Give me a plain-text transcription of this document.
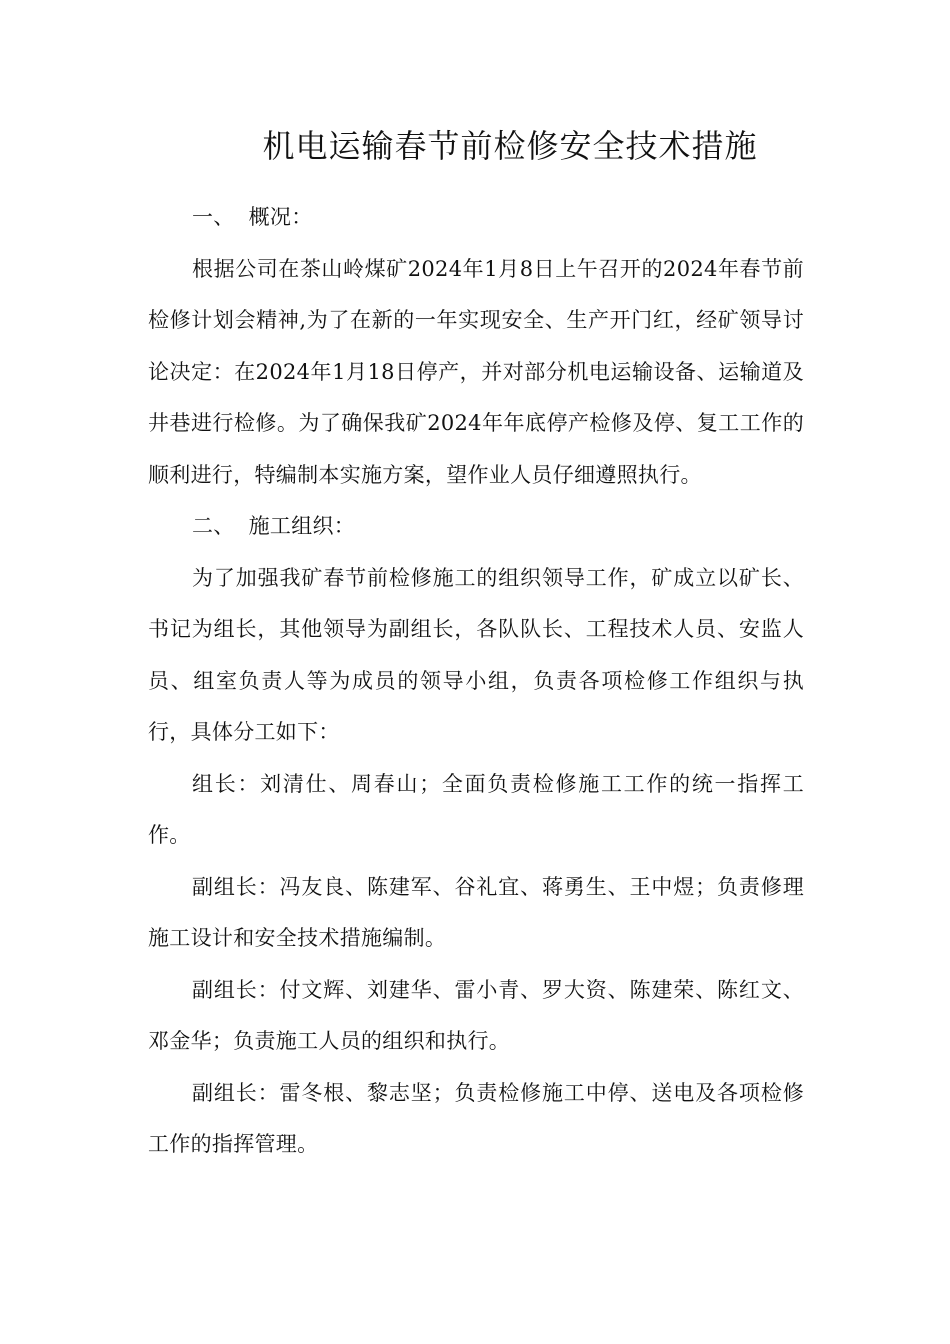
机电运输春节前检修安全技术措施

一、 概况：

根据公司在茶山岭煤矿2024年1月8日上午召开的2024年春节前检修计划会精神,为了在新的一年实现安全、生产开门红，经矿领导讨论决定：在2024年1月18日停产，并对部分机电运输设备、运输道及井巷进行检修。为了确保我矿2024年年底停产检修及停、复工工作的顺利进行，特编制本实施方案，望作业人员仔细遵照执行。

二、 施工组织：

为了加强我矿春节前检修施工的组织领导工作，矿成立以矿长、书记为组长，其他领导为副组长，各队队长、工程技术人员、安监人员、组室负责人等为成员的领导小组，负责各项检修工作组织与执行，具体分工如下：

组长：刘清仕、周春山；全面负责检修施工工作的统一指挥工作。

副组长：冯友良、陈建军、谷礼宜、蒋勇生、王中煜；负责修理施工设计和安全技术措施编制。

副组长：付文辉、刘建华、雷小青、罗大资、陈建荣、陈红文、邓金华；负责施工人员的组织和执行。

副组长：雷冬根、黎志坚；负责检修施工中停、送电及各项检修工作的指挥管理。
